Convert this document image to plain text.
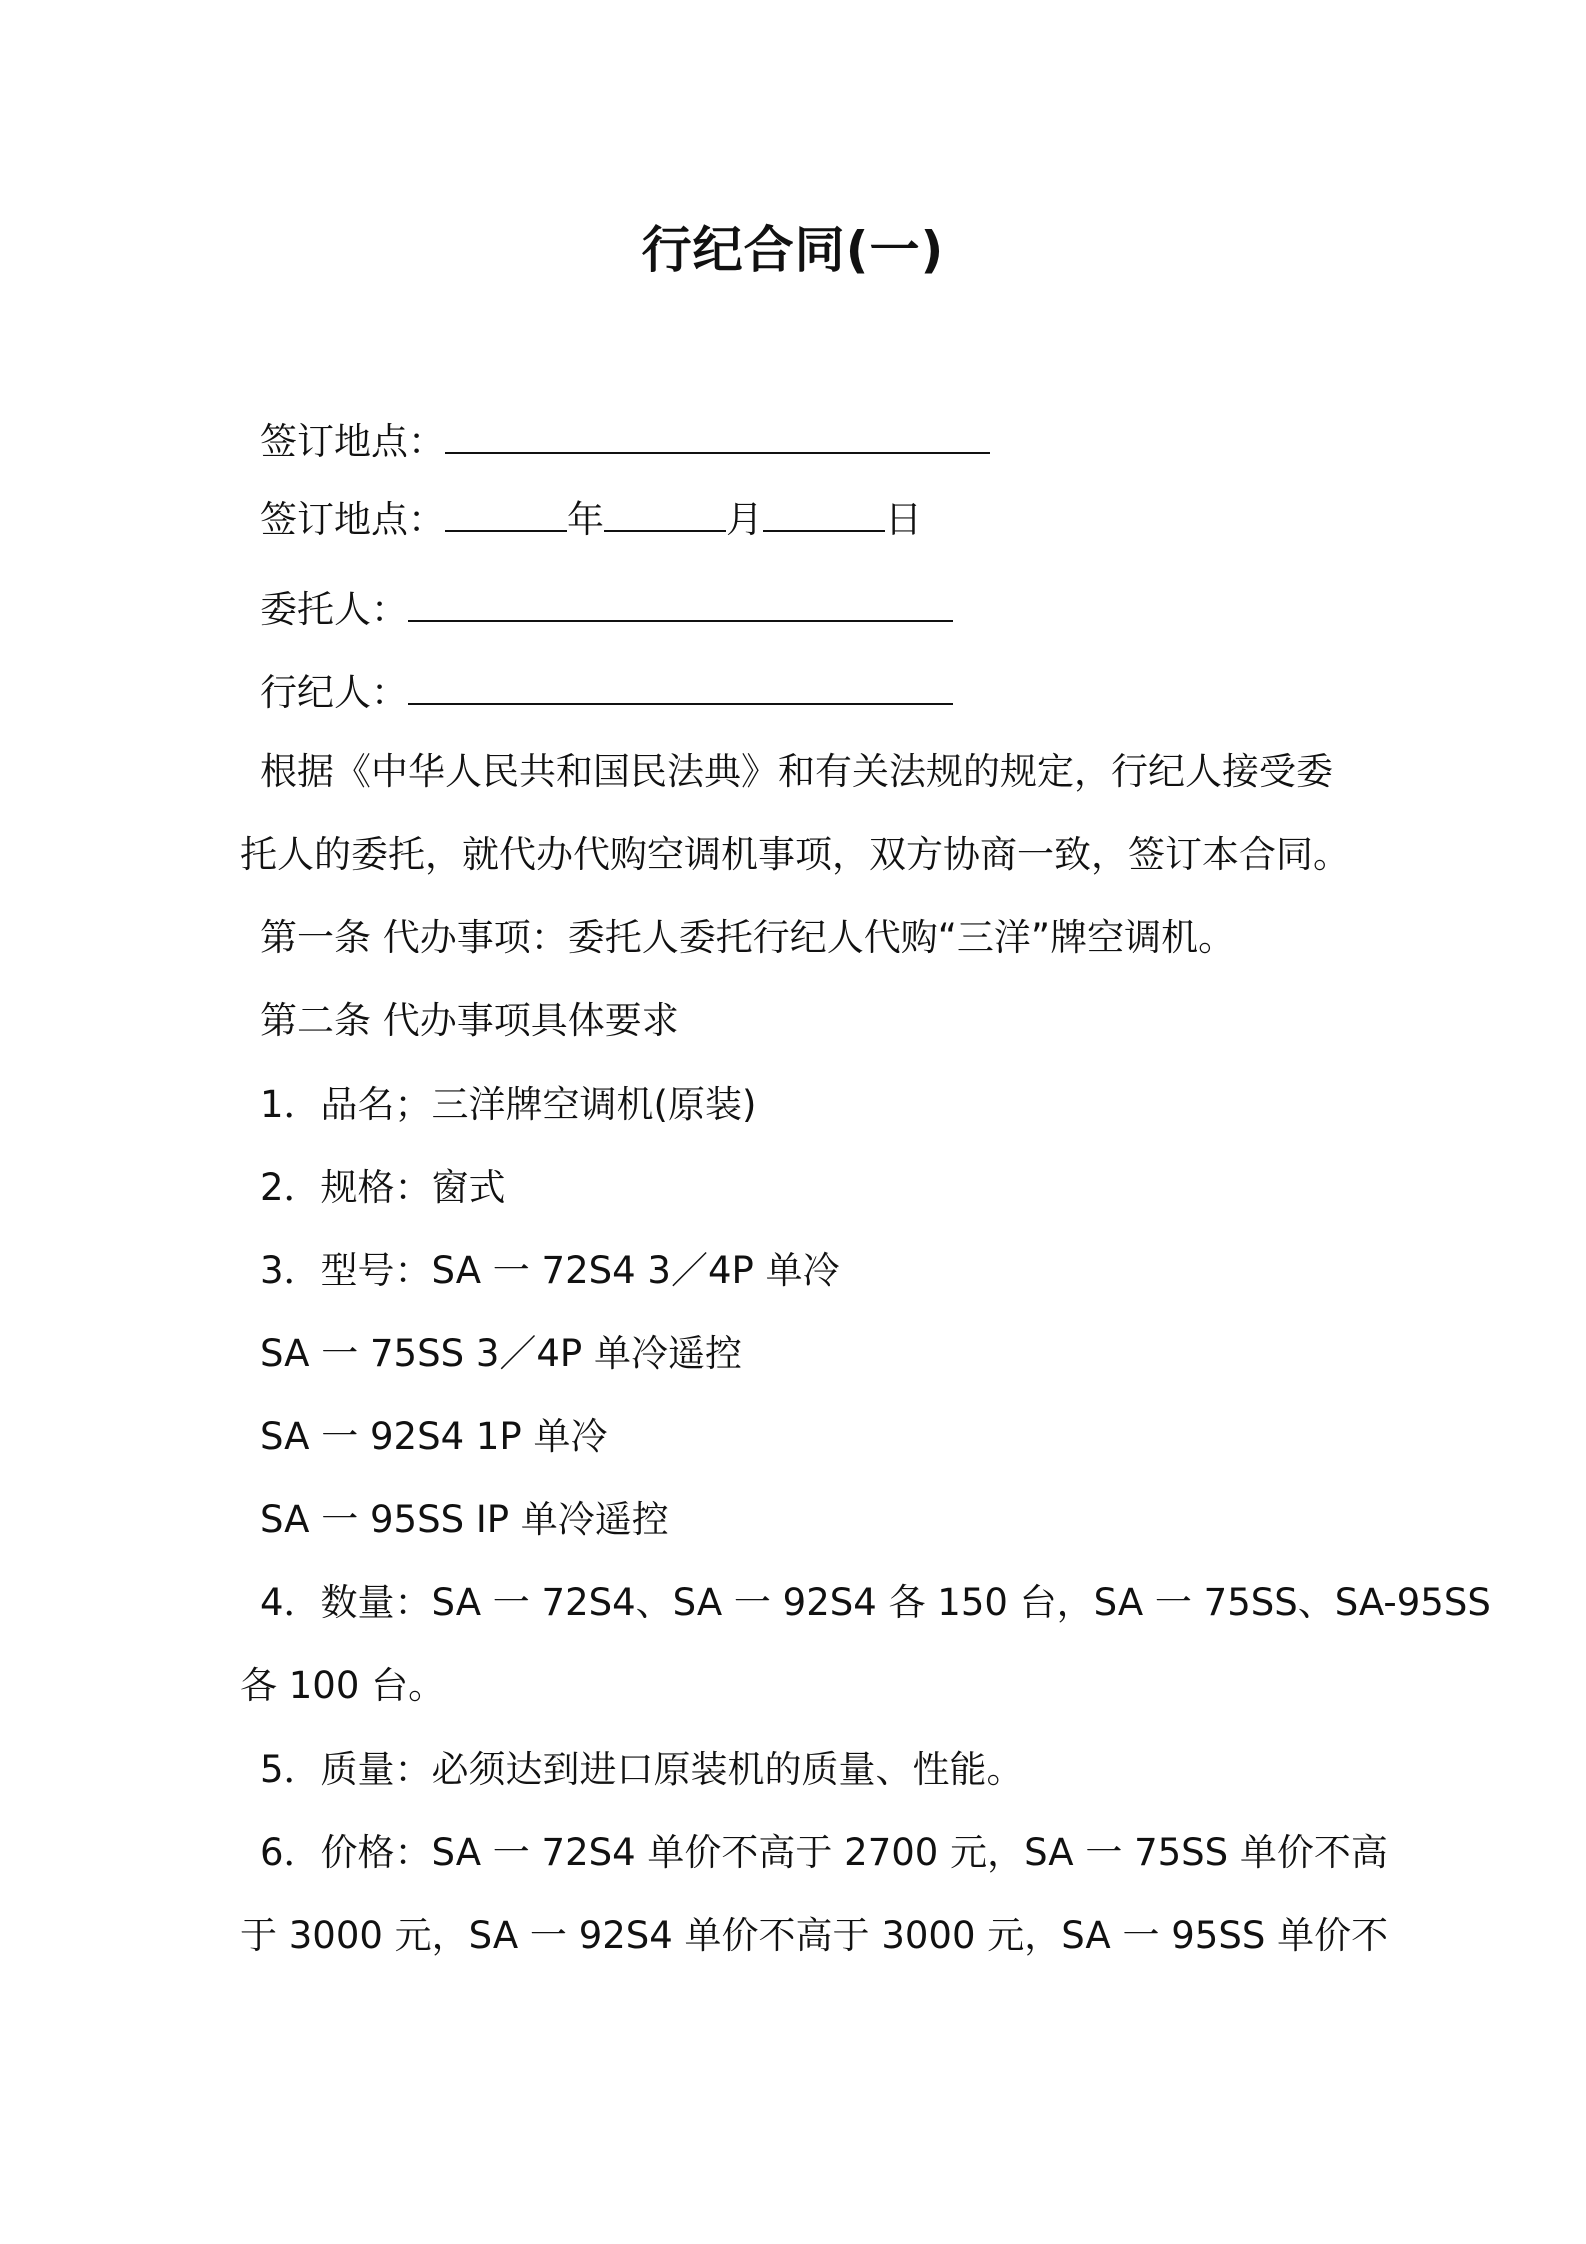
行纪合同(一)
签订地点：
签订地点：	年	月	日
委托人：
行纪人：
根据《中华人民共和国民法典》和有关法规的规定，行纪人接受委
托人的委托，就代办代购空调机事项，双方协商一致，签订本合同。
第一条 代办事项：委托人委托行纪人代购“三洋”牌空调机。
第二条 代办事项具体要求
1．品名；三洋牌空调机(原装)
2．规格：窗式
3．型号：SA 一 72S4 3／4P 单冷
SA 一 75SS 3／4P 单冷遥控
SA 一 92S4 1P 单冷
SA 一 95SS IP 单冷遥控
4．数量：SA 一 72S4、SA 一 92S4 各 150 台，SA 一 75SS、SA-95SS
各 100 台。
5．质量：必须达到进口原装机的质量、性能。
6．价格：SA 一 72S4 单价不高于 2700 元，SA 一 75SS 单价不高
于 3000 元，SA 一 92S4 单价不高于 3000 元，SA 一 95SS 单价不
